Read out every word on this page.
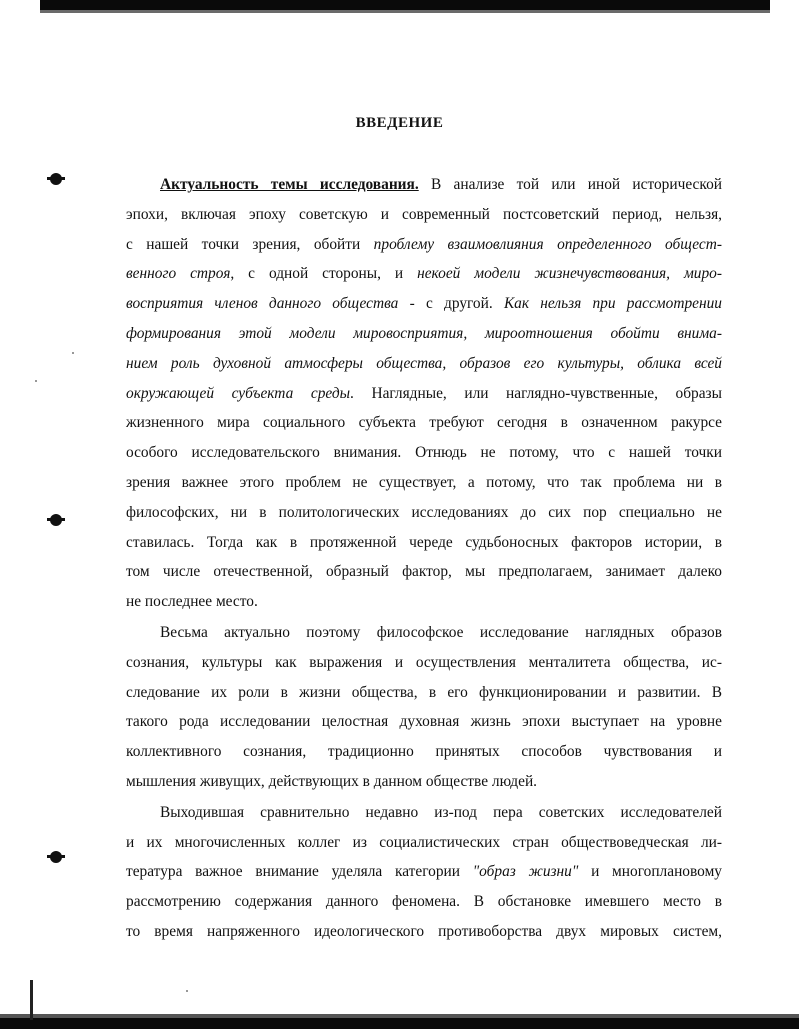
ВВЕДЕНИЕ

Актуальность темы исследования. В анализе той или иной исторической

эпохи, включая эпоху советскую и современный постсоветский период, нельзя,
с нашей точки зрения, обойти проблему взаимовлияния определенного общест-
венного строя, с одной стороны, и некоей модели жизнечувствования, миро-
восприятия членов данного общества - с другой. Как нельзя при рассмотрении
формирования этой модели мировосприятия, мироотношения обойти внима-
нием роль духовной атмосферы общества, образов его культуры, облика всей
окружающей субъекта среды. Наглядные, или наглядно-чувственные, образы
жизненного мира социального субъекта требуют сегодня в означенном ракурсе
особого исследовательского внимания. Отнюдь не потому, что с нашей точки
зрения важнее этого проблем не существует, а потому, что так проблема ни в
философских, ни в политологических исследованиях до сих пор специально не
ставилась. Тогда как в протяженной череде судьбоносных факторов истории, в
том числе отечественной, образный фактор, мы предполагаем, занимает далеко
не последнее место.

Весьма актуально поэтому философское исследование наглядных образов
сознания, культуры как выражения и осуществления менталитета общества, ис-
следование их роли в жизни общества, в его функционировании и развитии. В
такого рода исследовании целостная духовная жизнь эпохи выступает на уровне
коллективного сознания, традиционно принятых способов чувствования и
мышления живущих, действующих в данном обществе людей.

Выходившая сравнительно недавно из-под пера советских исследователей
и их многочисленных коллег из социалистических стран обществоведческая ли-
тература важное внимание уделяла категории "образ жизни" и многоплановому
рассмотрению содержания данного феномена. В обстановке имевшего место в
то время напряженного идеологического противоборства двух мировых систем,
